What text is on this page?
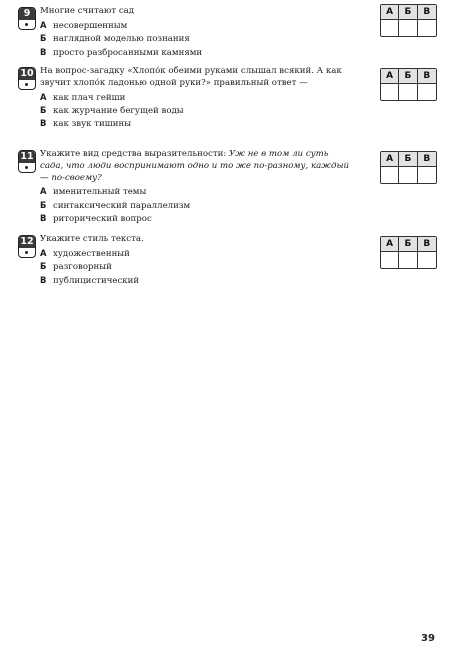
9	Многие считают сад
А несовершенным
Б наглядной моделью познания
В просто разбросанными камнями
А	Б	В
10 На вопрос-загадку «Хлопо́к обеими руками слышал всякий. А как звучит хлопо́к ладонью одной руки?» правильный ответ —
А как плач гейши
Б как журчание бегущей воды
В как звук тишины
А	Б	В
11 Укажите вид средства выразительности: Уж не в том ли суть сада, что люди воспринимают одно и то же по-разному, каждый — по-своему?
А именительный темы
Б синтаксический параллелизм
В риторический вопрос
А	Б	В
12 Укажите стиль текста.
А художественный
Б разговорный
В публицистический
А	Б	В
39
